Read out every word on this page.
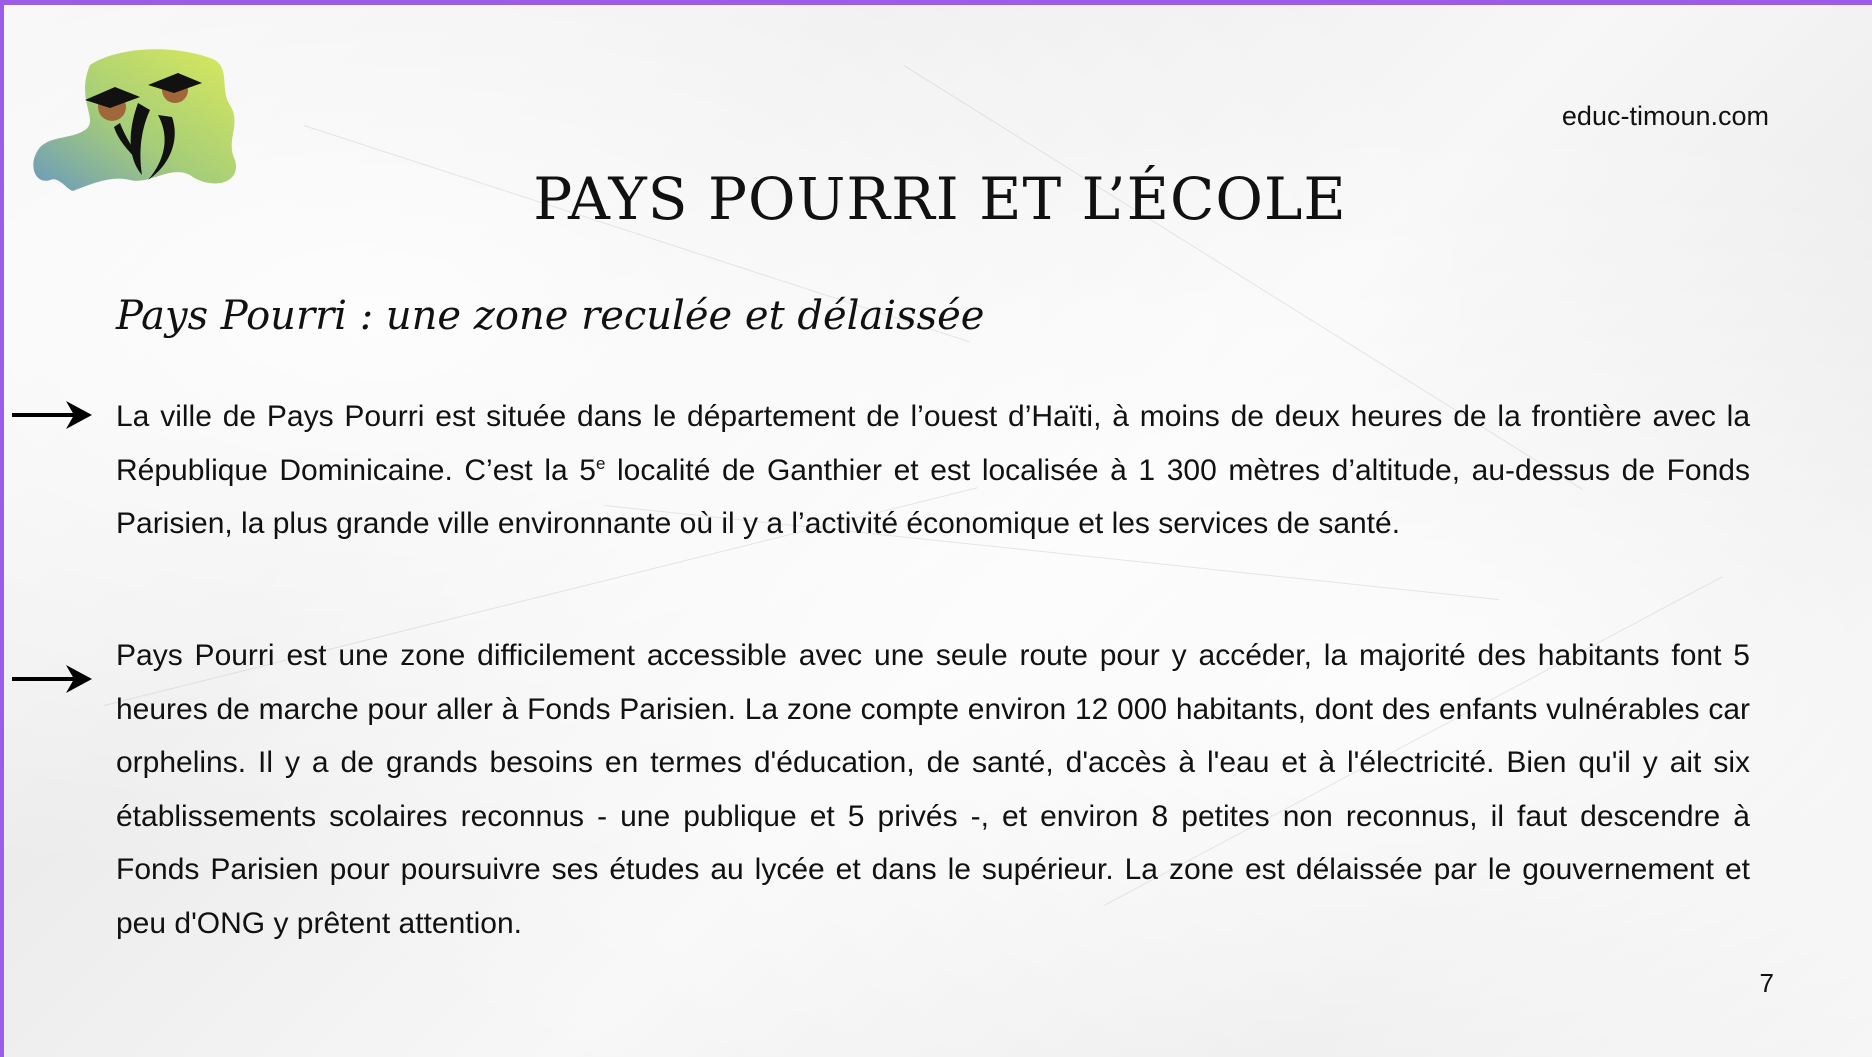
educ-timoun.com
PAYS POURRI ET L’ÉCOLE
Pays Pourri : une zone reculée et délaissée

La ville de Pays Pourri est située dans le département de l’ouest d’Haïti, à moins de deux heures de la frontière avec la République Dominicaine. C’est la 5e localité de Ganthier et est localisée à 1 300 mètres d’altitude, au-dessus de Fonds Parisien, la plus grande ville environnante où il y a l’activité économique et les services de santé.

Pays Pourri est une zone difficilement accessible avec une seule route pour y accéder, la majorité des habitants font 5 heures de marche pour aller à Fonds Parisien. La zone compte environ 12 000 habitants, dont des enfants vulnérables car orphelins. Il y a de grands besoins en termes d'éducation, de santé, d'accès à l'eau et à l'électricité. Bien qu'il y ait six établissements scolaires reconnus - une publique et 5 privés -, et environ 8 petites non reconnus, il faut descendre à Fonds Parisien pour poursuivre ses études au lycée et dans le supérieur. La zone est délaissée par le gouvernement et peu d'ONG y prêtent attention.

7
